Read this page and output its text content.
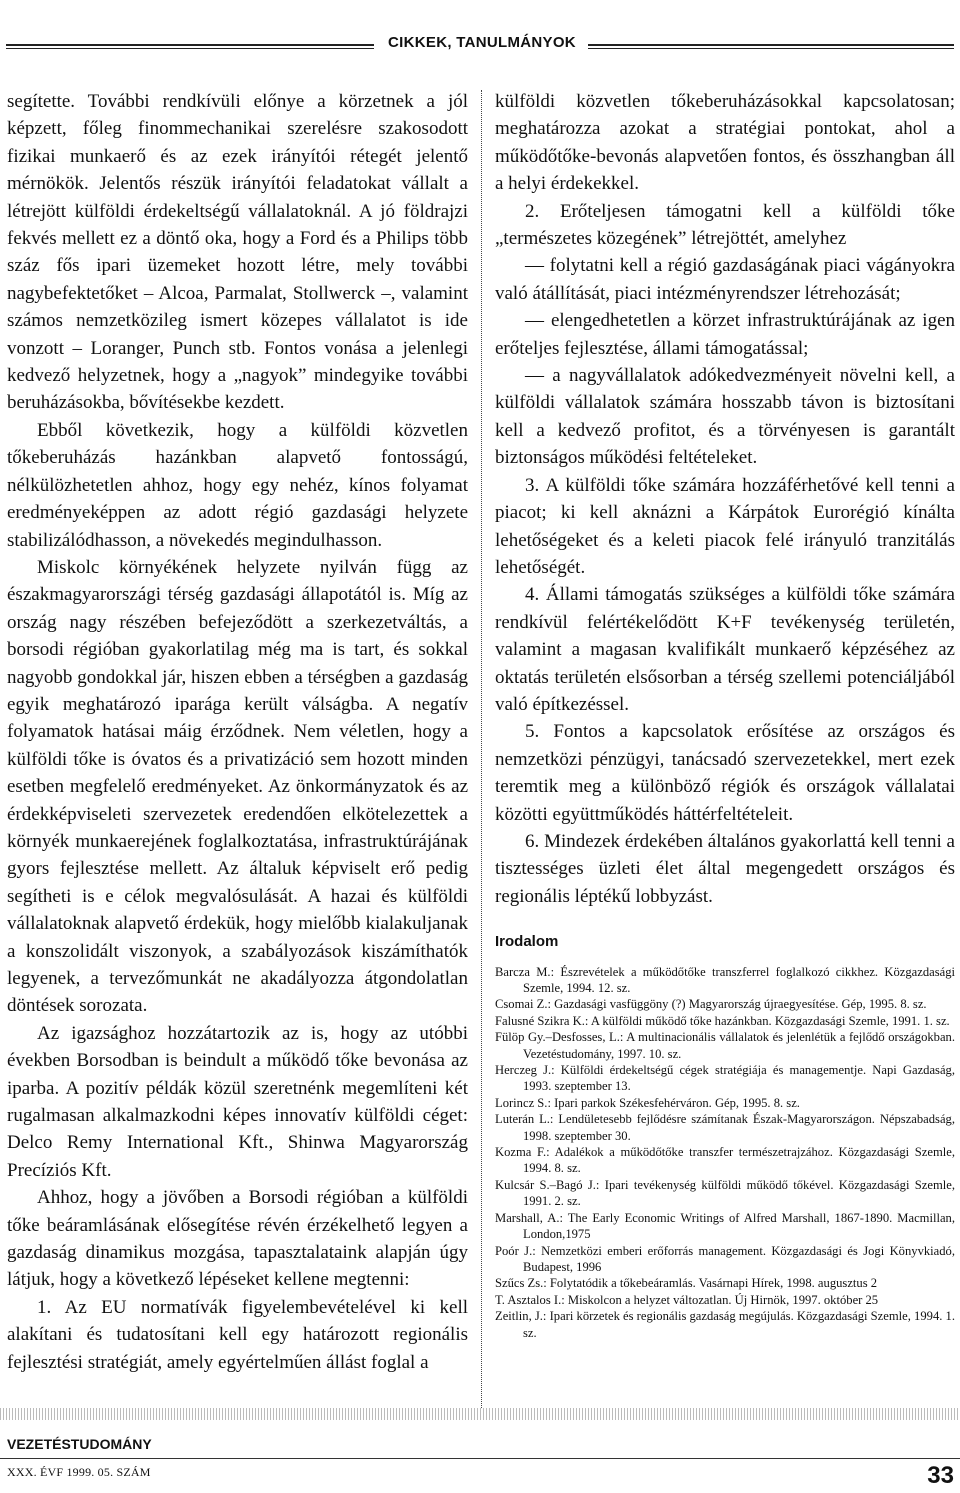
CIKKEK, TANULMÁNYOK

segítette. További rendkívüli előnye a körzetnek a jól képzett, főleg finommechanikai szerelésre szakosodott fizikai munkaerő és az ezek irányítói rétegét jelentő mérnökök. Jelentős részük irányítói feladatokat vállalt a létrejött külföldi érdekeltségű vállalatoknál. A jó földrajzi fekvés mellett ez a döntő oka, hogy a Ford és a Philips több száz fős ipari üzemeket hozott létre, mely további nagybefektetőket – Alcoa, Parmalat, Stollwerck –, valamint számos nemzetközileg ismert közepes vállalatot is ide vonzott – Loranger, Punch stb. Fontos vonása a jelenlegi kedvező helyzetnek, hogy a „nagyok” mindegyike további beruházásokba, bővítésekbe kezdett.

Ebből következik, hogy a külföldi közvetlen tőkeberuházás hazánkban alapvető fontosságú, nélkülözhetetlen ahhoz, hogy egy nehéz, kínos folyamat eredményeképpen az adott régió gazdasági helyzete stabilizálódhasson, a növekedés megindulhasson.

Miskolc környékének helyzete nyilván függ az északmagyarországi térség gazdasági állapotától is. Míg az ország nagy részében befejeződött a szerkezetváltás, a borsodi régióban gyakorlatilag még ma is tart, és sokkal nagyobb gondokkal jár, hiszen ebben a térségben a gazdaság egyik meghatározó iparága került válságba. A negatív folyamatok hatásai máig érződnek. Nem véletlen, hogy a külföldi tőke is óvatos és a privatizáció sem hozott minden esetben megfelelő eredményeket. Az önkormányzatok és az érdekképviseleti szervezetek eredendően elkötelezettek a környék munkaerejének foglalkoztatása, infrastruktúrájának gyors fejlesztése mellett. Az általuk képviselt erő pedig segítheti is e célok megvalósulását. A hazai és külföldi vállalatoknak alapvető érdekük, hogy mielőbb kialakuljanak a konszolidált viszonyok, a szabályozások kiszámíthatók legyenek, a tervezőmunkát ne akadályozza átgondolatlan döntések sorozata.

Az igazsághoz hozzátartozik az is, hogy az utóbbi években Borsodban is beindult a működő tőke bevonása az iparba. A pozitív példák közül szeretnénk megemlíteni két rugalmasan alkalmazkodni képes innovatív külföldi céget: Delco Remy International Kft., Shinwa Magyarország Precíziós Kft.

Ahhoz, hogy a jövőben a Borsodi régióban a külföldi tőke beáramlásának elősegítése révén érzékelhető legyen a gazdaság dinamikus mozgása, tapasztalataink alapján úgy látjuk, hogy a következő lépéseket kellene megtenni:

1. Az EU normatívák figyelembevételével ki kell alakítani és tudatosítani kell egy határozott regionális fejlesztési stratégiát, amely egyértelműen állást foglal a

külföldi közvetlen tőkeberuházásokkal kapcsolatosan; meghatározza azokat a stratégiai pontokat, ahol a működőtőke-bevonás alapvetően fontos, és összhangban áll a helyi érdekekkel.

2. Erőteljesen támogatni kell a külföldi tőke „természetes közegének” létrejöttét, amelyhez

— folytatni kell a régió gazdaságának piaci vágányokra való átállítását, piaci intézményrendszer létrehozását;

— elengedhetetlen a körzet infrastruktúrájának az igen erőteljes fejlesztése, állami támogatással;

— a nagyvállalatok adókedvezményeit növelni kell, a külföldi vállalatok számára hosszabb távon is biztosítani kell a kedvező profitot, és a törvényesen is garantált biztonságos működési feltételeket.

3. A külföldi tőke számára hozzáférhetővé kell tenni a piacot; ki kell aknázni a Kárpátok Eurorégió kínálta lehetőségeket és a keleti piacok felé irányuló tranzitálás lehetőségét.

4. Állami támogatás szükséges a külföldi tőke számára rendkívül felértékelődött K+F tevékenység területén, valamint a magasan kvalifikált munkaerő képzéséhez az oktatás területén elsősorban a térség szellemi potenciáljából való építkezéssel.

5. Fontos a kapcsolatok erősítése az országos és nemzetközi pénzügyi, tanácsadó szervezetekkel, mert ezek teremtik meg a különböző régiók és országok vállalatai közötti együttműködés háttérfeltételeit.

6. Mindezek érdekében általános gyakorlattá kell tenni a tisztességes üzleti élet által megengedett országos és regionális léptékű lobbyzást.

Irodalom
Barcza M.: Észrevételek a működőtőke transzferrel foglalkozó cikkhez. Közgazdasági Szemle, 1994. 12. sz.
Csomai Z.: Gazdasági vasfüggöny (?) Magyarország újraegyesítése. Gép, 1995. 8. sz.
Falusné Szikra K.: A külföldi működő tőke hazánkban. Közgazdasági Szemle, 1991. 1. sz.
Fülöp Gy.–Desfosses, L.: A multinacionális vállalatok és jelenlétük a fejlődő országokban. Vezetéstudomány, 1997. 10. sz.
Herczeg J.: Külföldi érdekeltségű cégek stratégiája és managementje. Napi Gazdaság, 1993. szeptember 13.
Lorincz S.: Ipari parkok Székesfehérváron. Gép, 1995. 8. sz.
Luterán L.: Lendületesebb fejlődésre számítanak Észak-Magyarországon. Népszabadság, 1998. szeptember 30.
Kozma F.: Adalékok a működőtőke transzfer természetrajzához. Közgazdasági Szemle, 1994. 8. sz.
Kulcsár S.–Bagó J.: Ipari tevékenység külföldi működő tőkével. Közgazdasági Szemle, 1991. 2. sz.
Marshall, A.: The Early Economic Writings of Alfred Marshall, 1867-1890. Macmillan, London,1975
Poór J.: Nemzetközi emberi erőforrás management. Közgazdasági és Jogi Könyvkiadó, Budapest, 1996
Szűcs Zs.: Folytatódik a tőkebeáramlás. Vasárnapi Hírek, 1998. augusztus 2
T. Asztalos I.: Miskolcon a helyzet változatlan. Új Hirnök, 1997. október 25
Zeitlin, J.: Ipari körzetek és regionális gazdaság megújulás. Közgazdasági Szemle, 1994. 1. sz.
VEZETÉSTUDOMÁNY
XXX. ÉVF 1999. 05. SZÁM	33
